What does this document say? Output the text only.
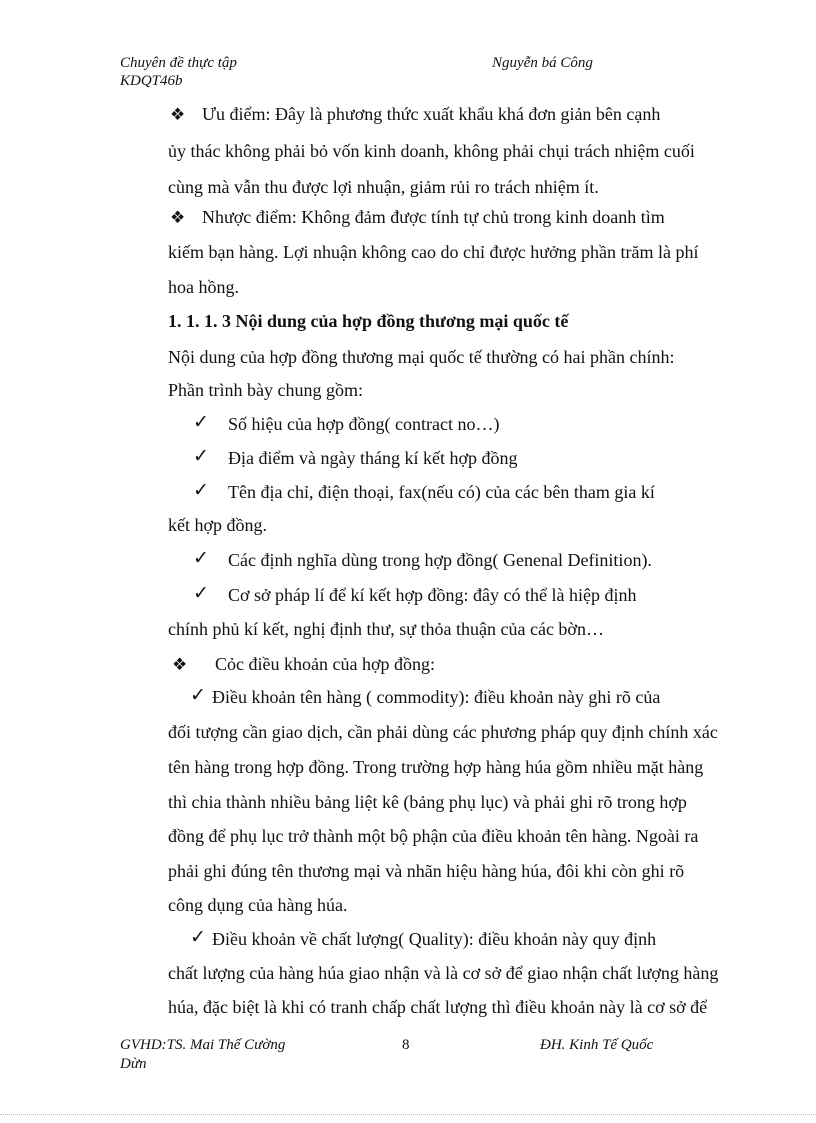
Chuyên đề thực tập
KDQT46b
Nguyễn bá Công
❖ Ưu điểm: Đây là phương thức xuất khẩu khá đơn giản bên cạnh
ủy thác không phải bỏ vốn kinh doanh, không phải chụi trách nhiệm cuối
cùng mà vẫn thu được lợi nhuận, giảm rủi ro trách nhiệm ít.
❖ Nhược điểm: Không đảm được tính tự chủ trong kinh doanh tìm
kiếm bạn hàng. Lợi nhuận không cao do chỉ được hưởng phần trăm là phí
hoa hồng.
1. 1. 1. 3 Nội dung của hợp đồng thương mại quốc tế
Nội dung của hợp đồng thương mại quốc tế thường có hai phần chính:
Phần trình bày chung gồm:
✓ Số hiệu của hợp đồng( contract no…)
✓ Địa điểm và ngày tháng kí kết hợp đồng
✓ Tên địa chỉ, điện thoại, fax(nếu có) của các bên tham gia kí
kết hợp đồng.
✓ Các định nghĩa dùng trong hợp đồng( Genenal Definition).
✓ Cơ sở pháp lí để kí kết hợp đồng: đây có thể là hiệp định
chính phủ kí kết, nghị định thư, sự thỏa thuận của các bờn…
❖ Cỏc điều khoản của hợp đồng:
✓ Điều khoản tên hàng ( commodity): điều khoản này ghi rõ của
đối tượng cần giao dịch, cần phải dùng các phương pháp quy định chính xác
tên hàng trong hợp đồng. Trong trường hợp hàng húa gồm nhiều mặt hàng
thì chia thành nhiều bảng liệt kê (bảng phụ lục) và phải ghi rõ trong hợp
đồng để phụ lục trở thành một bộ phận của điều khoản tên hàng. Ngoài ra
phải ghi đúng tên thương mại và nhãn hiệu hàng húa, đôi khi còn ghi rõ
công dụng của hàng húa.
✓ Điều khoản về chất lượng( Quality): điều khoản này quy định
chất lượng của hàng húa giao nhận và là cơ sở để giao nhận chất lượng hàng
húa, đặc biệt là khi có tranh chấp chất lượng thì điều khoản này là cơ sở để
GVHD:TS. Mai Thế Cường
Dừn
8	ĐH. Kinh Tế Quốc
